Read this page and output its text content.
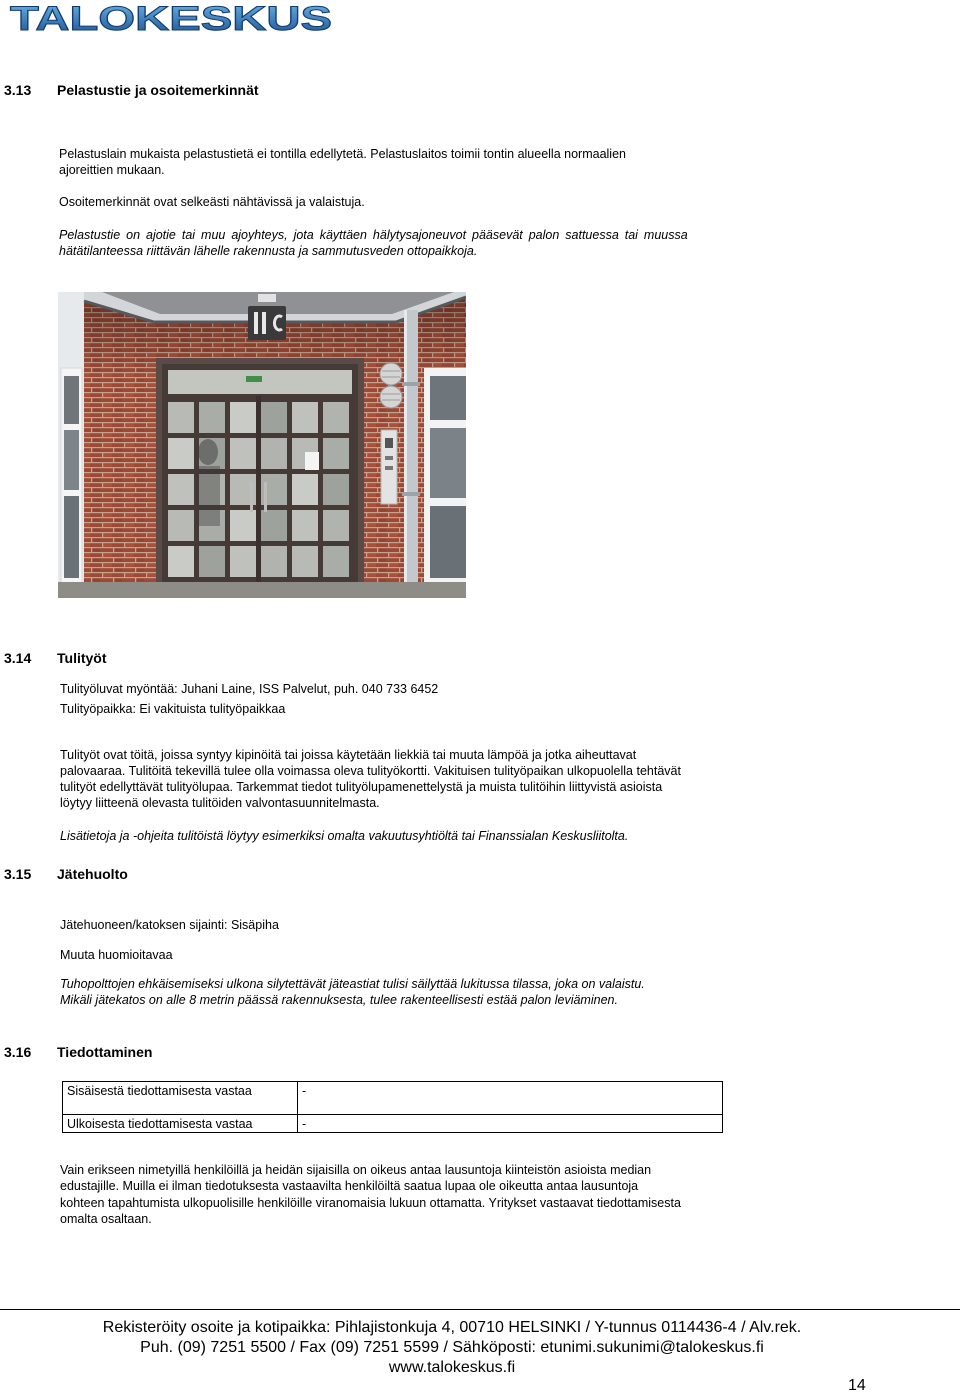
TALOKESKUS
3.13 Pelastustie ja osoitemerkinnät
Pelastuslain mukaista pelastustietä ei tontilla edellytetä. Pelastuslaitos toimii tontin alueella normaalien
ajoreittien mukaan.
Osoitemerkinnät ovat selkeästi nähtävissä ja valaistuja.
Pelastustie on ajotie tai muu ajoyhteys, jota käyttäen hälytysajoneuvot pääsevät palon sattuessa tai muussa
hätätilanteessa riittävän lähelle rakennusta ja sammutusveden ottopaikkoja.
3.14 Tulityöt
Tulityöluvat myöntää: Juhani Laine, ISS Palvelut, puh. 040 733 6452
Tulityöpaikka: Ei vakituista tulityöpaikkaa
Tulityöt ovat töitä, joissa syntyy kipinöitä tai joissa käytetään liekkiä tai muuta lämpöä ja jotka aiheuttavat
palovaaraa. Tulitöitä tekevillä tulee olla voimassa oleva tulityökortti. Vakituisen tulityöpaikan ulkopuolella tehtävät
tulityöt edellyttävät tulityölupaa. Tarkemmat tiedot tulityölupamenettelystä ja muista tulitöihin liittyvistä asioista
löytyy liitteenä olevasta tulitöiden valvontasuunnitelmasta.
Lisätietoja ja -ohjeita tulitöistä löytyy esimerkiksi omalta vakuutusyhtiöltä tai Finanssialan Keskusliitolta.
3.15 Jätehuolto
Jätehuoneen/katoksen sijainti: Sisäpiha
Muuta huomioitavaa
Tuhopolttojen ehkäisemiseksi ulkona silytettävät jäteastiat tulisi säilyttää lukitussa tilassa, joka on valaistu.
Mikäli jätekatos on alle 8 metrin päässä rakennuksesta, tulee rakenteellisesti estää palon leviäminen.
3.16 Tiedottaminen
Sisäisestä tiedottamisesta vastaa	-
Ulkoisesta tiedottamisesta vastaa	-
Vain erikseen nimetyillä henkilöillä ja heidän sijaisilla on oikeus antaa lausuntoja kiinteistön asioista median
edustajille. Muilla ei ilman tiedotuksesta vastaavilta henkilöiltä saatua lupaa ole oikeutta antaa lausuntoja
kohteen tapahtumista ulkopuolisille henkilöille viranomaisia lukuun ottamatta. Yritykset vastaavat tiedottamisesta
omalta osaltaan.
Rekisteröity osoite ja kotipaikka: Pihlajistonkuja 4, 00710 HELSINKI / Y-tunnus 0114436-4 / Alv.rek.
Puh. (09) 7251 5500 / Fax (09) 7251 5599 / Sähköposti: etunimi.sukunimi@talokeskus.fi
www.talokeskus.fi
14
